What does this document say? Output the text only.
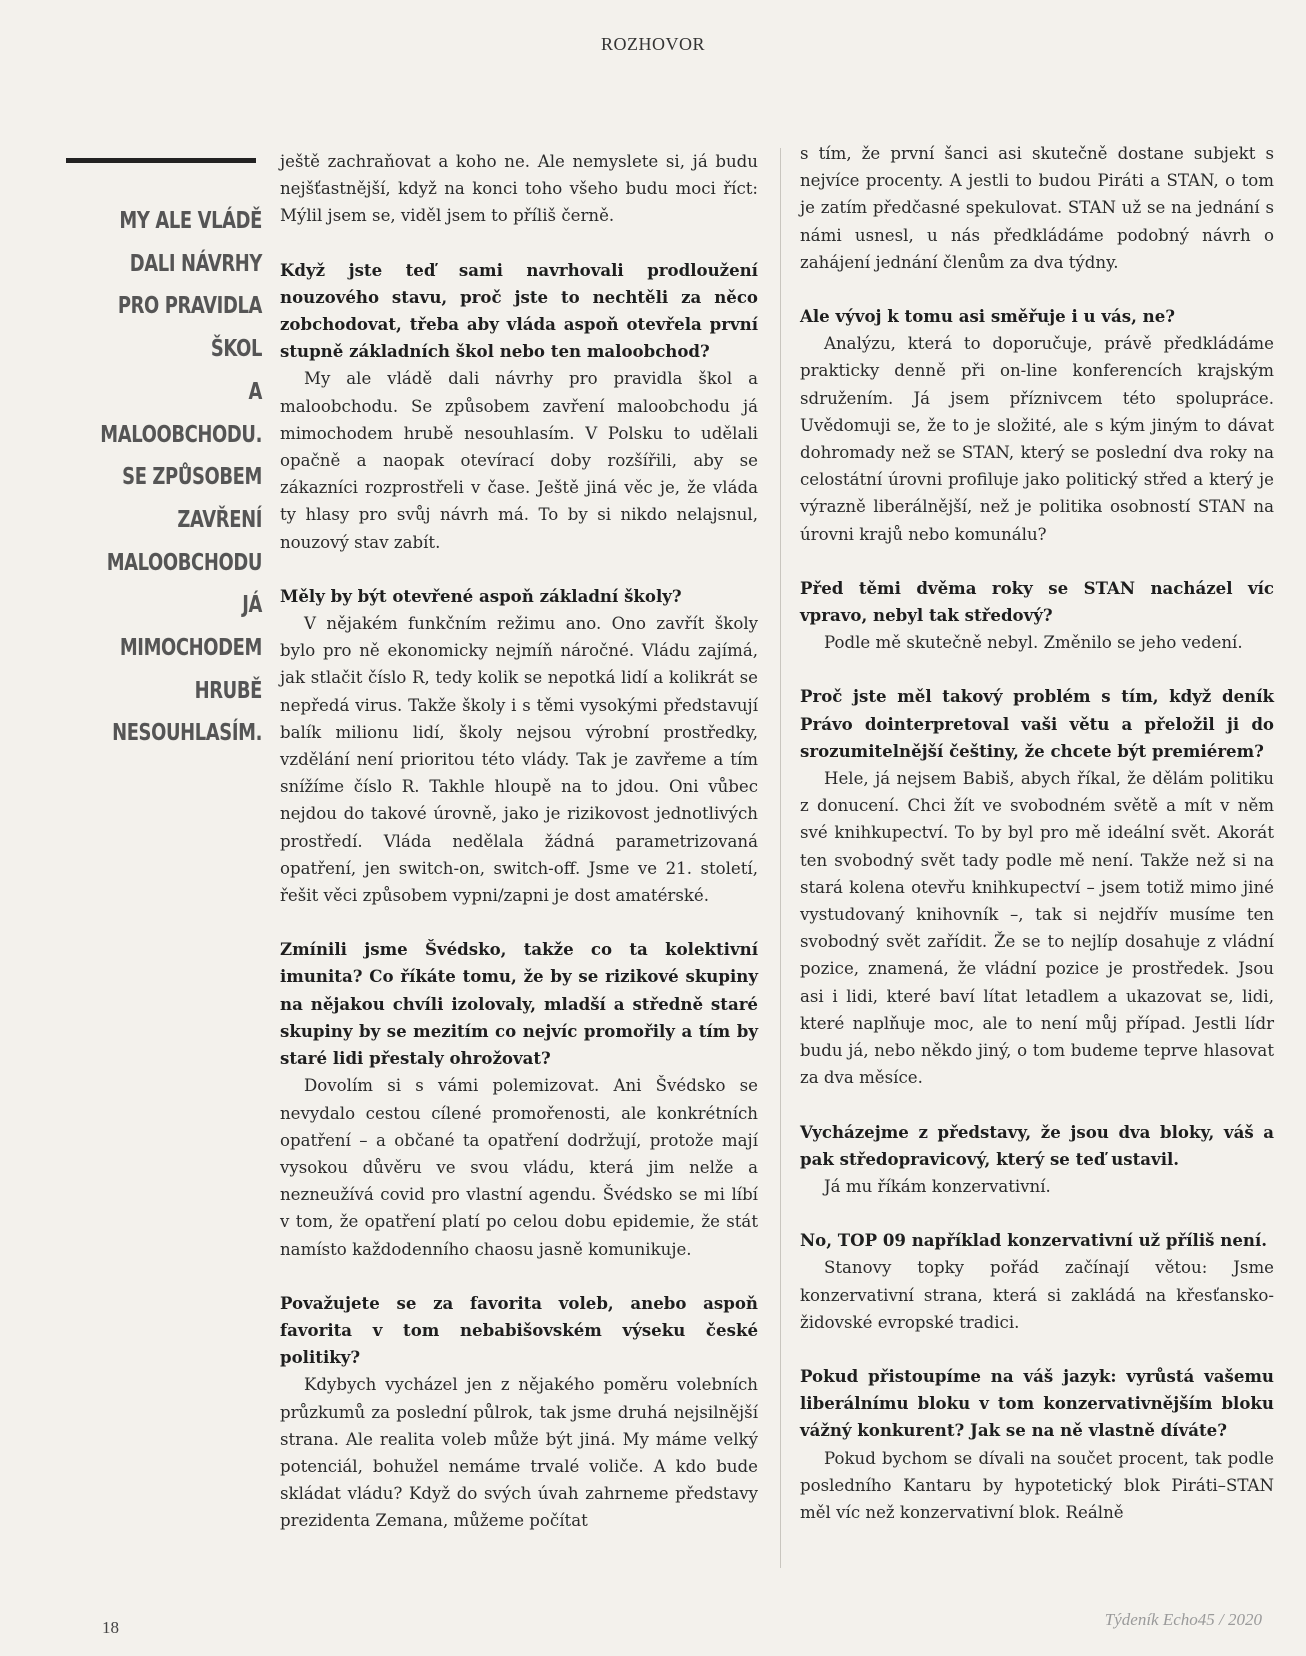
ROZHOVOR
MY ALE VLÁDĚ
DALI NÁVRHY
PRO PRAVIDLA ŠKOL
A MALOOBCHODU.
SE ZPŮSOBEM
ZAVŘENÍ
MALOOBCHODU JÁ
MIMOCHODEM HRUBĚ
NESOUHLASÍM.

ještě zachraňovat a koho ne. Ale nemyslete si, já budu nejšťastnější, když na konci toho všeho budu moci říct: Mýlil jsem se, viděl jsem to příliš černě.

Když jste teď sami navrhovali prodloužení nouzového stavu, proč jste to nechtěli za něco zobchodovat, třeba aby vláda aspoň otevřela první stupně základních škol nebo ten maloobchod?

My ale vládě dali návrhy pro pravidla škol a maloobchodu. Se způsobem zavření maloobchodu já mimochodem hrubě nesouhlasím. V Polsku to udělali opačně a naopak otevírací doby rozšířili, aby se zákazníci rozprostřeli v čase. Ještě jiná věc je, že vláda ty hlasy pro svůj návrh má. To by si nikdo nelajsnul, nouzový stav zabít.

Měly by být otevřené aspoň základní školy?

V nějakém funkčním režimu ano. Ono zavřít školy bylo pro ně ekonomicky nejmíň náročné. Vládu zajímá, jak stlačit číslo R, tedy kolik se nepotká lidí a kolikrát se nepředá virus. Takže školy i s těmi vysokými představují balík milionu lidí, školy nejsou výrobní prostředky, vzdělání není prioritou této vlády. Tak je zavřeme a tím snížíme číslo R. Takhle hloupě na to jdou. Oni vůbec nejdou do takové úrovně, jako je rizikovost jednotlivých prostředí. Vláda nedělala žádná parametrizovaná opatření, jen switch-on, switch-off. Jsme ve 21. století, řešit věci způsobem vypni/zapni je dost amatérské.

Zmínili jsme Švédsko, takže co ta kolektivní imunita? Co říkáte tomu, že by se rizikové skupiny na nějakou chvíli izolovaly, mladší a středně staré skupiny by se mezitím co nejvíc promořily a tím by staré lidi přestaly ohrožovat?

Dovolím si s vámi polemizovat. Ani Švédsko se nevydalo cestou cílené promořenosti, ale konkrétních opatření – a občané ta opatření dodržují, protože mají vysokou důvěru ve svou vládu, která jim nelže a nezneužívá covid pro vlastní agendu. Švédsko se mi líbí v tom, že opatření platí po celou dobu epidemie, že stát namísto každodenního chaosu jasně komunikuje.

Považujete se za favorita voleb, anebo aspoň favorita v tom nebabišovském výseku české politiky?

Kdybych vycházel jen z nějakého poměru volebních průzkumů za poslední půlrok, tak jsme druhá nejsilnější strana. Ale realita voleb může být jiná. My máme velký potenciál, bohužel nemáme trvalé voliče. A kdo bude skládat vládu? Když do svých úvah zahrneme představy prezidenta Zemana, můžeme počítat

s tím, že první šanci asi skutečně dostane subjekt s nejvíce procenty. A jestli to budou Piráti a STAN, o tom je zatím předčasné spekulovat. STAN už se na jednání s námi usnesl, u nás předkládáme podobný návrh o zahájení jednání členům za dva týdny.

Ale vývoj k tomu asi směřuje i u vás, ne?

Analýzu, která to doporučuje, právě předkládáme prakticky denně při on-line konferencích krajským sdružením. Já jsem příznivcem této spolupráce. Uvědomuji se, že to je složité, ale s kým jiným to dávat dohromady než se STAN, který se poslední dva roky na celostátní úrovni profiluje jako politický střed a který je výrazně liberálnější, než je politika osobností STAN na úrovni krajů nebo komunálu?

Před těmi dvěma roky se STAN nacházel víc vpravo, nebyl tak středový?

Podle mě skutečně nebyl. Změnilo se jeho vedení.

Proč jste měl takový problém s tím, když deník Právo dointerpretoval vaši větu a přeložil ji do srozumitelnější češtiny, že chcete být premiérem?

Hele, já nejsem Babiš, abych říkal, že dělám politiku z donucení. Chci žít ve svobodném světě a mít v něm své knihkupectví. To by byl pro mě ideální svět. Akorát ten svobodný svět tady podle mě není. Takže než si na stará kolena otevřu knihkupectví – jsem totiž mimo jiné vystudovaný knihovník –, tak si nejdřív musíme ten svobodný svět zařídit. Že se to nejlíp dosahuje z vládní pozice, znamená, že vládní pozice je prostředek. Jsou asi i lidi, které baví lítat letadlem a ukazovat se, lidi, které naplňuje moc, ale to není můj případ. Jestli lídr budu já, nebo někdo jiný, o tom budeme teprve hlasovat za dva měsíce.

Vycházejme z představy, že jsou dva bloky, váš a pak středopravicový, který se teď ustavil.

Já mu říkám konzervativní.

No, TOP 09 například konzervativní už příliš není.

Stanovy topky pořád začínají větou: Jsme konzervativní strana, která si zakládá na křesťansko-židovské evropské tradici.

Pokud přistoupíme na váš jazyk: vyrůstá vašemu liberálnímu bloku v tom konzervativnějším bloku vážný konkurent? Jak se na ně vlastně díváte?

Pokud bychom se dívali na součet procent, tak podle posledního Kantaru by hypotetický blok Piráti–STAN měl víc než konzervativní blok. Reálně

18	Týdeník Echo45 / 2020
